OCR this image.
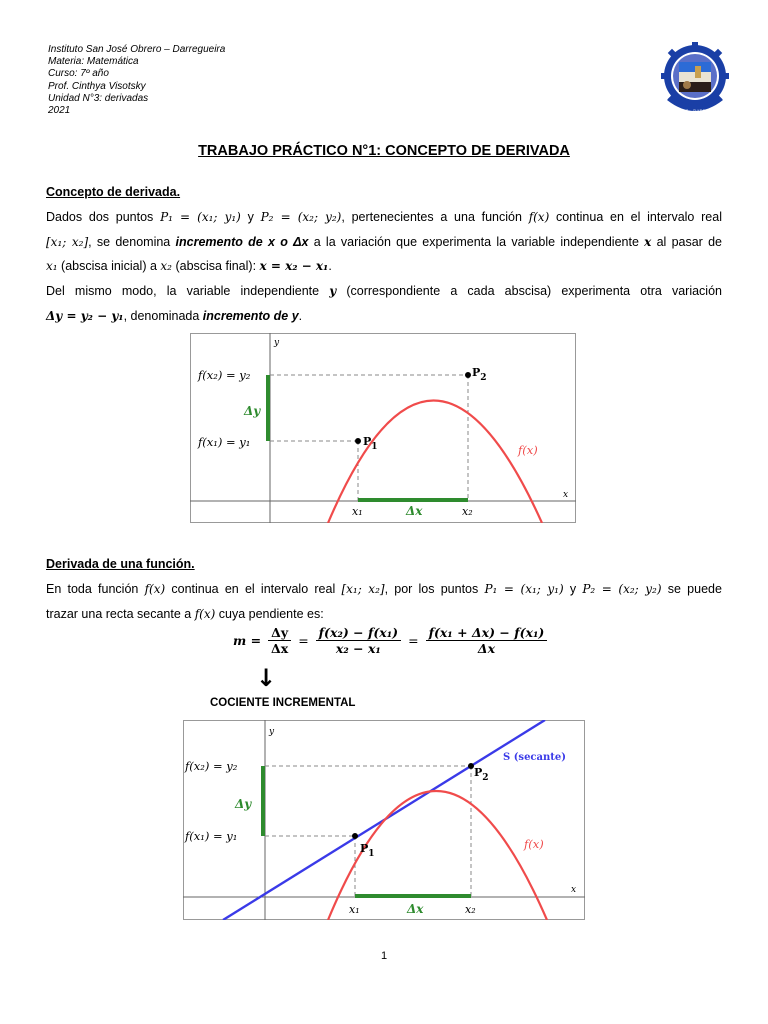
Instituto San José Obrero – Darregueira
Materia: Matemática
Curso: 7º año
Prof. Cinthya Visotsky
Unidad N°3: derivadas
2021	MAESTRAS – DARREGUEIRA
TRABAJO PRÁCTICO N°1: CONCEPTO DE DERIVADA
Concepto de derivada.
Dados dos puntos P₁ = (x₁; y₁) y P₂ = (x₂; y₂), pertenecientes a una función f(x) continua en el intervalo real
[x₁; x₂], se denomina incremento de x o Δx a la variación que experimenta la variable independiente x al pasar de
x₁ (abscisa inicial) a x₂ (abscisa final): x = x₂ − x₁.
Del mismo modo, la variable independiente y (correspondiente a cada abscisa) experimenta otra variación
Δy = y₂ − y₁, denominada incremento de y.
y
x
f(x₂) = y₂
f(x₁) = y₁
Δy
Δx
x₁	x₂
$P_1$
$P_2$
f(x)
Derivada de una función.
En toda función f(x) continua en el intervalo real [x₁; x₂], por los puntos P₁ = (x₁; y₁) y P₂ = (x₂; y₂) se puede
trazar una recta secante a f(x) cuya pendiente es:
$m = \frac{\Delta y}{\Delta x} = \frac{\text{f(x₂) − f(x₁)}}{\text{x₂ − x₁}} = \frac{\text{f(x₁ + Δx) − f(x₁)}}{\Delta x}$
↓
COCIENTE INCREMENTAL
y
x
f(x₂) = y₂
f(x₁) = y₁
Δy
Δx
x₁	x₂
$P_1$
$P_2$
S (secante)
f(x)
1
